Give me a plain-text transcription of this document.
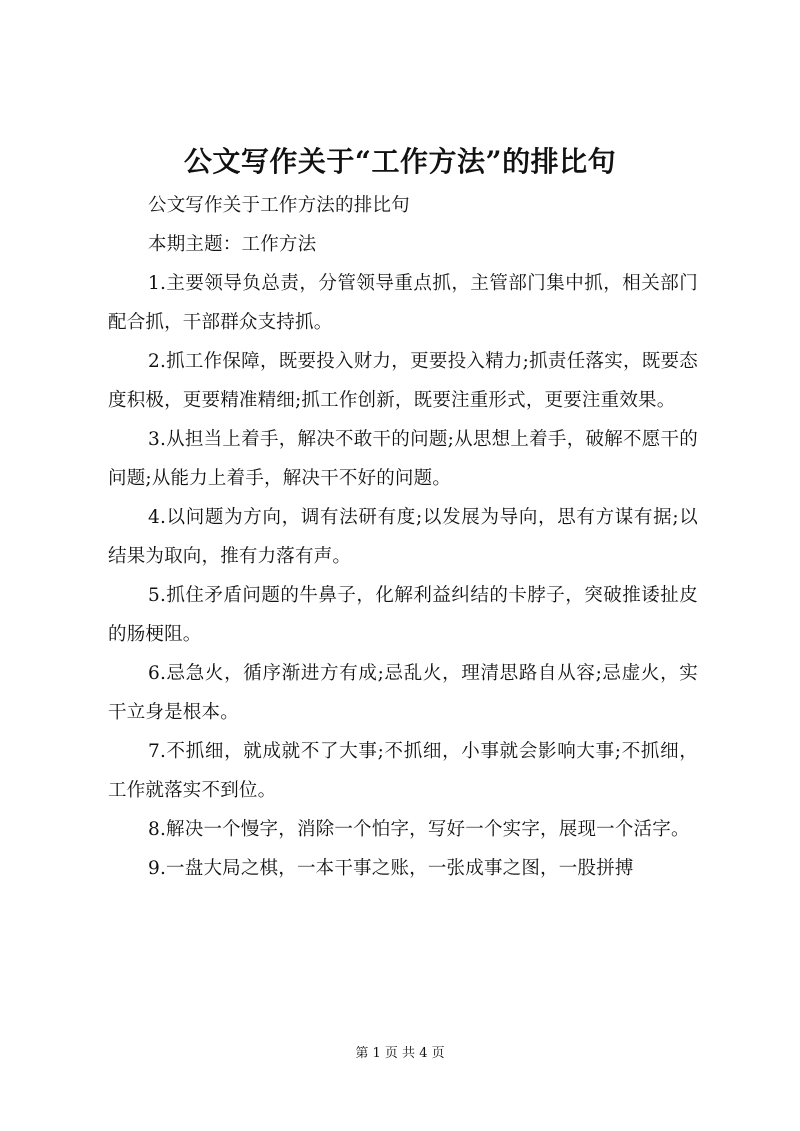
公文写作关于“工作方法”的排比句

公文写作关于工作方法的排比句

本期主题：工作方法

1.主要领导负总责，分管领导重点抓，主管部门集中抓，相关部门配合抓，干部群众支持抓。

2.抓工作保障，既要投入财力，更要投入精力;抓责任落实，既要态度积极，更要精准精细;抓工作创新，既要注重形式，更要注重效果。

3.从担当上着手，解决不敢干的问题;从思想上着手，破解不愿干的问题;从能力上着手，解决干不好的问题。

4.以问题为方向，调有法研有度;以发展为导向，思有方谋有据;以结果为取向，推有力落有声。

5.抓住矛盾问题的牛鼻子，化解利益纠结的卡脖子，突破推诿扯皮的肠梗阻。

6.忌急火，循序渐进方有成;忌乱火，理清思路自从容;忌虚火，实干立身是根本。

7.不抓细，就成就不了大事;不抓细，小事就会影响大事;不抓细，工作就落实不到位。

8.解决一个慢字，消除一个怕字，写好一个实字，展现一个活字。

9.一盘大局之棋，一本干事之账，一张成事之图，一股拼搏

第 1 页 共 4 页
